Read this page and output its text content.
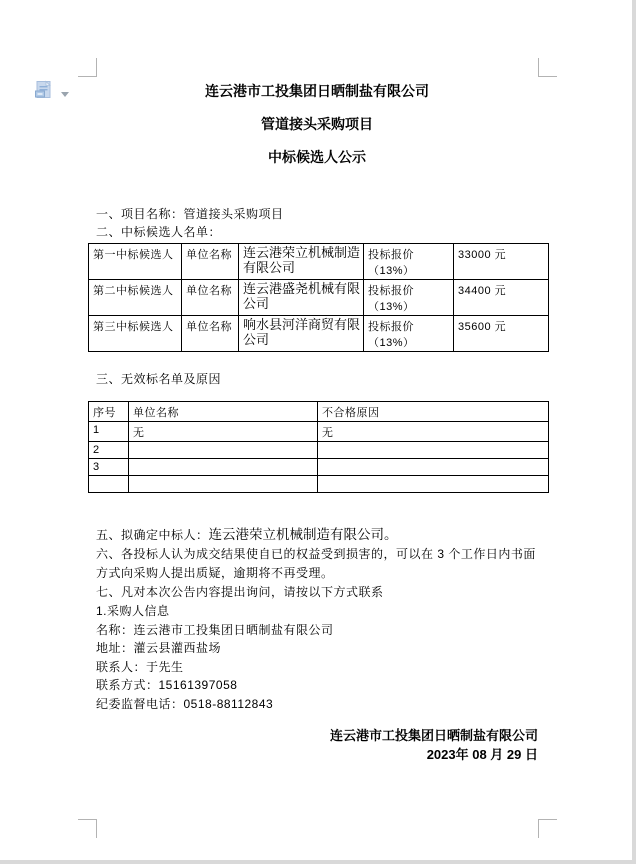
连云港市工投集团日晒制盐有限公司
管道接头采购项目
中标候选人公示

一、项目名称：管道接头采购项目

二、中标候选人名单：

第一中标候选人	单位名称	连云港荣立机械制造有限公司	投标报价（13%）	33000 元
第二中标候选人	单位名称	连云港盛尧机械有限公司	投标报价（13%）	34400 元
第三中标候选人	单位名称	响水县河洋商贸有限公司	投标报价（13%）	35600 元

三、无效标名单及原因

序号	单位名称	不合格原因
1	无	无
2		
3		

五、拟确定中标人：连云港荣立机械制造有限公司。

六、各投标人认为成交结果使自已的权益受到损害的，可以在 3 个工作日内书面方式向采购人提出质疑，逾期将不再受理。

七、凡对本次公告内容提出询问，请按以下方式联系

1.采购人信息

名称：连云港市工投集团日晒制盐有限公司

地址：灌云县灌西盐场

联系人：于先生

联系方式：15161397058

纪委监督电话：0518-88112843

连云港市工投集团日晒制盐有限公司
2023年 08 月 29 日
